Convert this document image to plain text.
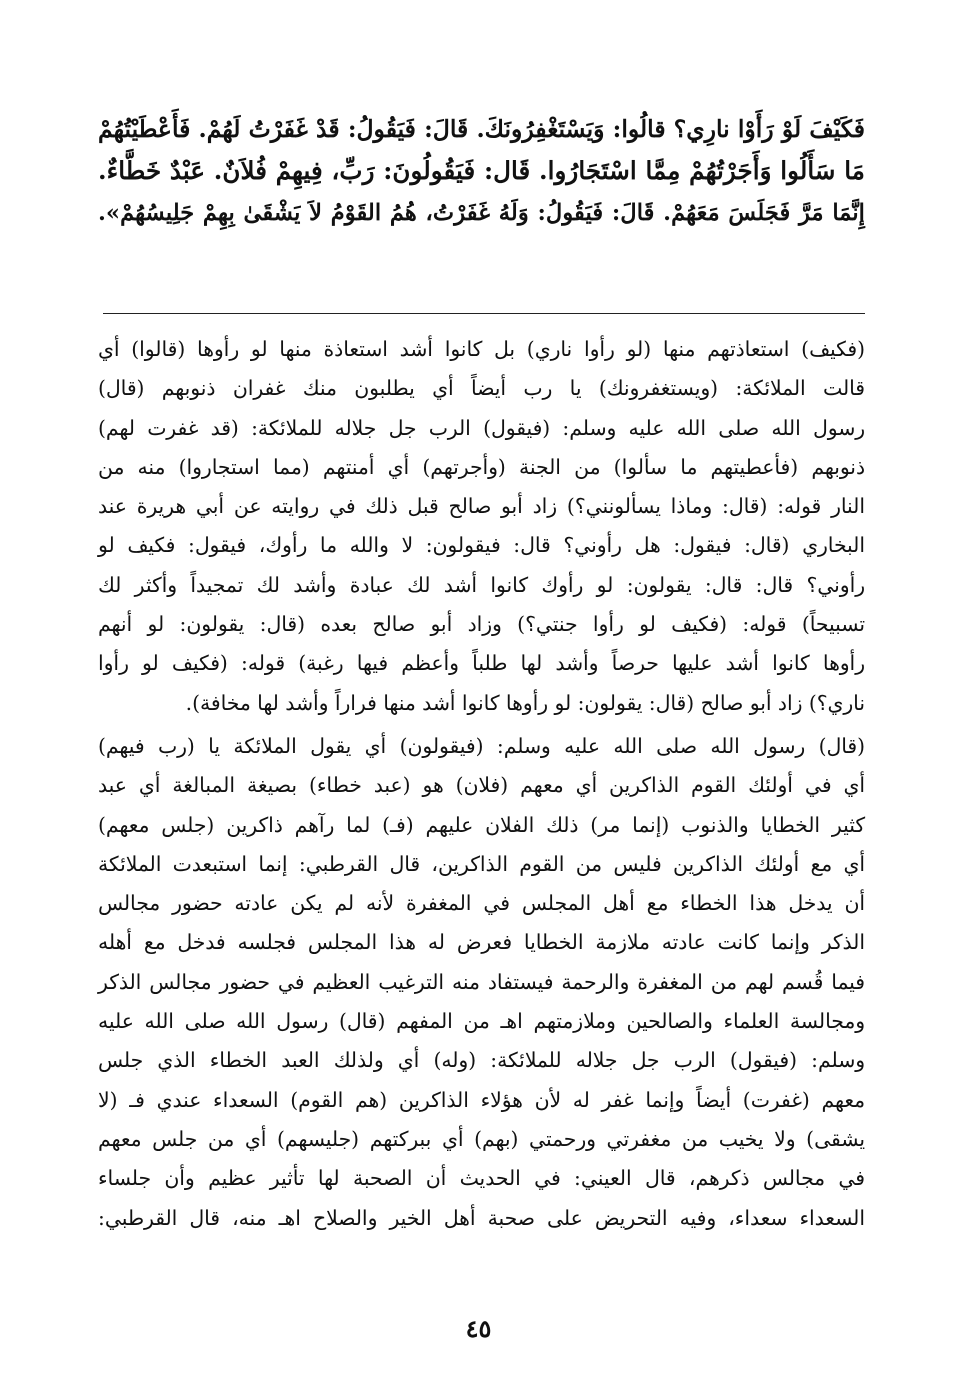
فَكَيْفَ لَوْ رَأَوْا نارِي؟ قالُوا: وَيَسْتَغْفِرُونَكَ. قَالَ: فَيَقُولُ: قَدْ غَفَرْتُ لَهُمْ. فَأَعْطَيْتُهُمْ
مَا سَأَلُوا وَأَجَرْتُهُمْ مِمَّا اسْتَجَارُوا. قَال: فَيَقُولُونَ: رَبِّ، فِيهِمْ فُلاَنٌ. عَبْدٌ خَطَّاءٌ.
إِنَّمَا مَرَّ فَجَلَسَ مَعَهُمْ. قَالَ: فَيَقُولُ: وَلَهُ غَفَرْتُ، هُمُ القَوْمُ لاَ يَشْقَىٰ بِهِمْ جَلِيسُهُمْ».
(فكيف) استعاذتهم منها (لو رأوا ناري) بل كانوا أشد استعاذة منها لو رأوها (قالوا) أي
قالت الملائكة: (ويستغفرونك) يا رب أيضاً أي يطلبون منك غفران ذنوبهم (قال)
رسول الله صلى الله عليه وسلم: (فيقول) الرب جل جلاله للملائكة: (قد غفرت لهم)
ذنوبهم (فأعطيتهم ما سألوا) من الجنة (وأجرتهم) أي أمنتهم (مما استجاروا) منه من
النار قوله: (قال: وماذا يسألونني؟) زاد أبو صالح قبل ذلك في روايته عن أبي هريرة عند
البخاري (قال: فيقول: هل رأوني؟ قال: فيقولون: لا والله ما رأوك، فيقول: فكيف لو
رأوني؟ قال: قال: يقولون: لو رأوك كانوا أشد لك عبادة وأشد لك تمجيداً وأكثر لك
تسبيحاً) قوله: (فكيف لو رأوا جنتي؟) وزاد أبو صالح بعده (قال: يقولون: لو أنهم
رأوها كانوا أشد عليها حرصاً وأشد لها طلباً وأعظم فيها رغبة) قوله: (فكيف لو رأوا
ناري؟) زاد أبو صالح (قال: يقولون: لو رأوها كانوا أشد منها فراراً وأشد لها مخافة).
(قال) رسول الله صلى الله عليه وسلم: (فيقولون) أي يقول الملائكة يا (رب فيهم)
أي في أولئك القوم الذاكرين أي معهم (فلان) هو (عبد خطاء) بصيغة المبالغة أي عبد
كثير الخطايا والذنوب (إنما مر) ذلك الفلان عليهم (فـ) لما رآهم ذاكرين (جلس معهم)
أي مع أولئك الذاكرين فليس من القوم الذاكرين، قال القرطبي: إنما استبعدت الملائكة
أن يدخل هذا الخطاء مع أهل المجلس في المغفرة لأنه لم يكن عادته حضور مجالس
الذكر وإنما كانت عادته ملازمة الخطايا فعرض له هذا المجلس فجلسه فدخل مع أهله
فيما قُسم لهم من المغفرة والرحمة فيستفاد منه الترغيب العظيم في حضور مجالس الذكر
ومجالسة العلماء والصالحين وملازمتهم اهـ من المفهم (قال) رسول الله صلى الله عليه
وسلم: (فيقول) الرب جل جلاله للملائكة: (وله) أي ولذلك العبد الخطاء الذي جلس
معهم (غفرت) أيضاً وإنما غفر له لأن هؤلاء الذاكرين (هم القوم) السعداء عندي فـ (لا
يشقى) ولا يخيب من مغفرتي ورحمتي (بهم) أي ببركتهم (جليسهم) أي من جلس معهم
في مجالس ذكرهم، قال العيني: في الحديث أن الصحبة لها تأثير عظيم وأن جلساء
السعداء سعداء، وفيه التحريض على صحبة أهل الخير والصلاح اهـ منه، قال القرطبي:
٤٥
